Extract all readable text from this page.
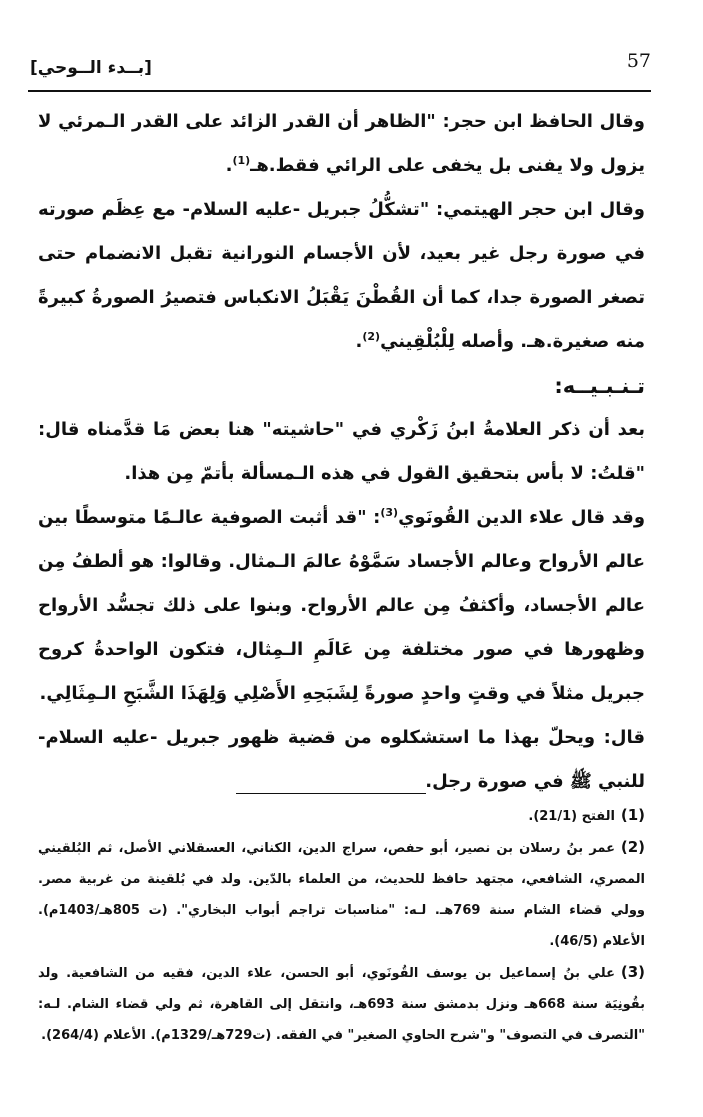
57
[بــدء الــوحي]

وقال الحافظ ابن حجر: "الظاهر أن القدر الزائد على القدر الـمرئي لا يزول ولا يفنى بل يخفى على الرائي فقط.هـ$^{(1)}$.

وقال ابن حجر الهيتمي: "تشكُّلُ جبريل -عليه السلام- مع عِظَم صورته في صورة رجل غير بعيد، لأن الأجسام النورانية تقبل الانضمام حتى تصغر الصورة جدا، كما أن القُطْنَ يَقْبَلُ الانكباس فتصيرُ الصورةُ كبيرةً منه صغيرة.هـ. وأصله لِلْبُلْقِيني$^{(2)}$.

تـنـبـيــه:

بعد أن ذكر العلامةُ ابنُ زَكْري في "حاشيته" هنا بعض مَا قدَّمناه قال: "قلتُ: لا بأس بتحقيق القول في هذه الـمسألة بأتمّ مِن هذا.

وقد قال علاء الدين القُونَوي$^{(3)}$: "قد أثبت الصوفية عالـمًا متوسطًا بين عالم الأرواح وعالم الأجساد سَمَّوْهُ عالمَ الـمثال. وقالوا: هو ألطفُ مِن عالم الأجساد، وأكثفُ مِن عالم الأرواح. وبنوا على ذلك تجسُّد الأرواح وظهورها في صور مختلفة مِن عَالَمِ الـمِثال، فتكون الواحدةُ كروح جبريل مثلاً في وقتٍ واحدٍ صورةً لِشَبَحِهِ الأَصْلِي وَلِهَذَا الشَّبَحِ الـمِثَالِي.

قال: ويحلّ بهذا ما استشكلوه من قضية ظهور جبريل -عليه السلام- للنبي ﷺ في صورة رجل.

(1)الفتح (21/1).

(2)عمر بنُ رسلان بن نصير، أبو حفص، سراج الدين، الكناني، العسقلاني الأصل، ثم البُلقيني المصري، الشافعي، مجتهد حافظ للحديث، من العلماء بالدّين. ولد في بُلقينة من غربية مصر. وولي قضاء الشام سنة 769هـ. لـه: "مناسبات تراجم أبواب البخاري". (ت 805هـ/1403م). الأعلام (46/5).

(3)علي بنُ إسماعيل بن يوسف القُونَوي، أبو الحسن، علاء الدين، فقيه من الشافعية. ولد بقُونِيَة سنة 668هـ ونزل بدمشق سنة 693هـ، وانتقل إلى القاهرة، ثم ولي قضاء الشام. لـه: "التصرف في التصوف" و"شرح الحاوي الصغير" في الفقه. (ت729هـ/1329م). الأعلام (264/4).
